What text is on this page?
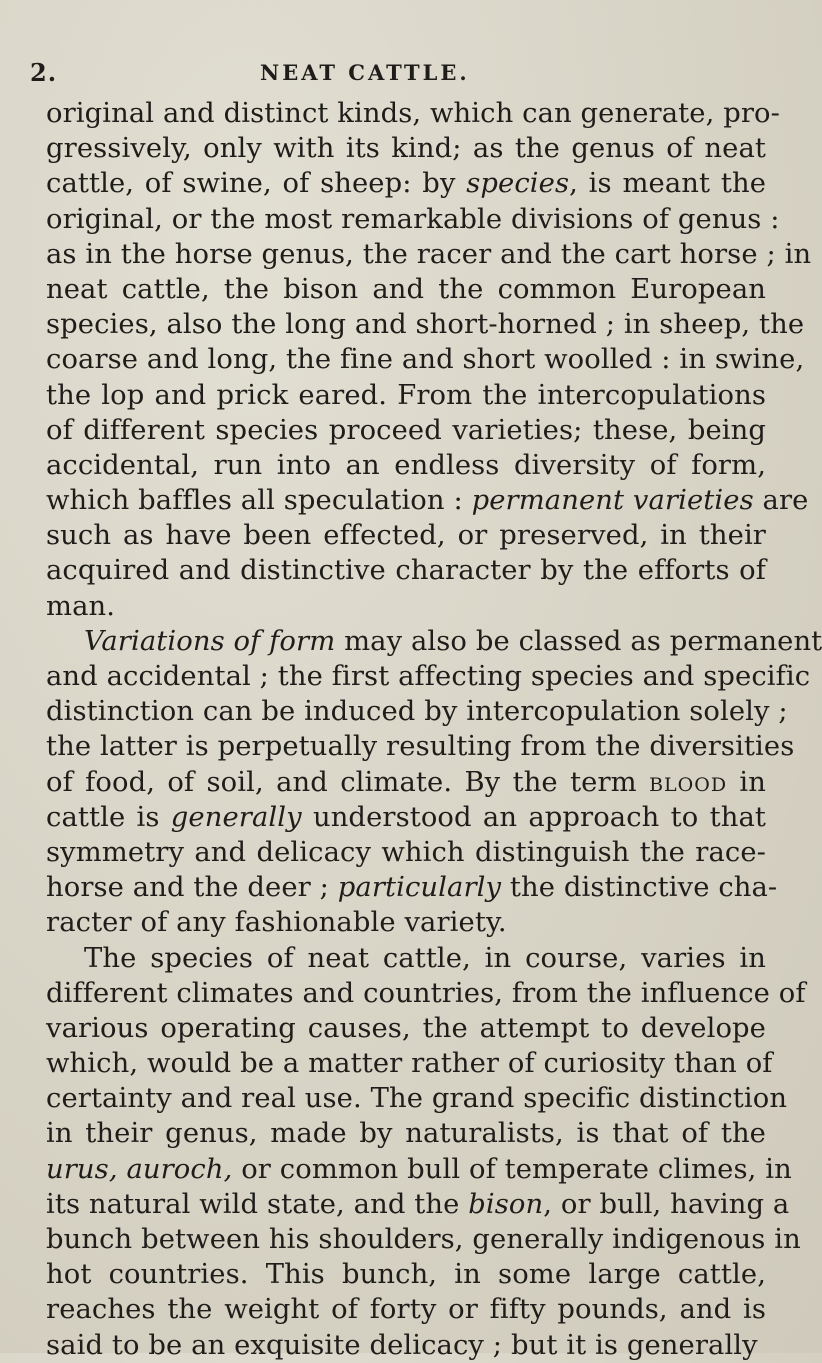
2.	NEAT CATTLE.
original and distinct kinds, which can generate, pro-
gressively, only with its kind; as the genus of neat
cattle, of swine, of sheep: by species, is meant the
original, or the most remarkable divisions of genus :
as in the horse genus, the racer and the cart horse ; in
neat cattle, the bison and the common European
species, also the long and short-horned ; in sheep, the
coarse and long, the fine and short woolled : in swine,
the lop and prick eared. From the intercopulations
of different species proceed varieties; these, being
accidental, run into an endless diversity of form,
which baffles all speculation : permanent varieties are
such as have been effected, or preserved, in their
acquired and distinctive character by the efforts of
man.
Variations of form may also be classed as permanent
and accidental ; the first affecting species and specific
distinction can be induced by intercopulation solely ;
the latter is perpetually resulting from the diversities
of food, of soil, and climate. By the term blood in
cattle is generally understood an approach to that
symmetry and delicacy which distinguish the race-
horse and the deer ; particularly the distinctive cha-
racter of any fashionable variety.
The species of neat cattle, in course, varies in
different climates and countries, from the influence of
various operating causes, the attempt to develope
which, would be a matter rather of curiosity than of
certainty and real use. The grand specific distinction
in their genus, made by naturalists, is that of the
urus, auroch, or common bull of temperate climes, in
its natural wild state, and the bison, or bull, having a
bunch between his shoulders, generally indigenous in
hot countries. This bunch, in some large cattle,
reaches the weight of forty or fifty pounds, and is
said to be an exquisite delicacy ; but it is generally
